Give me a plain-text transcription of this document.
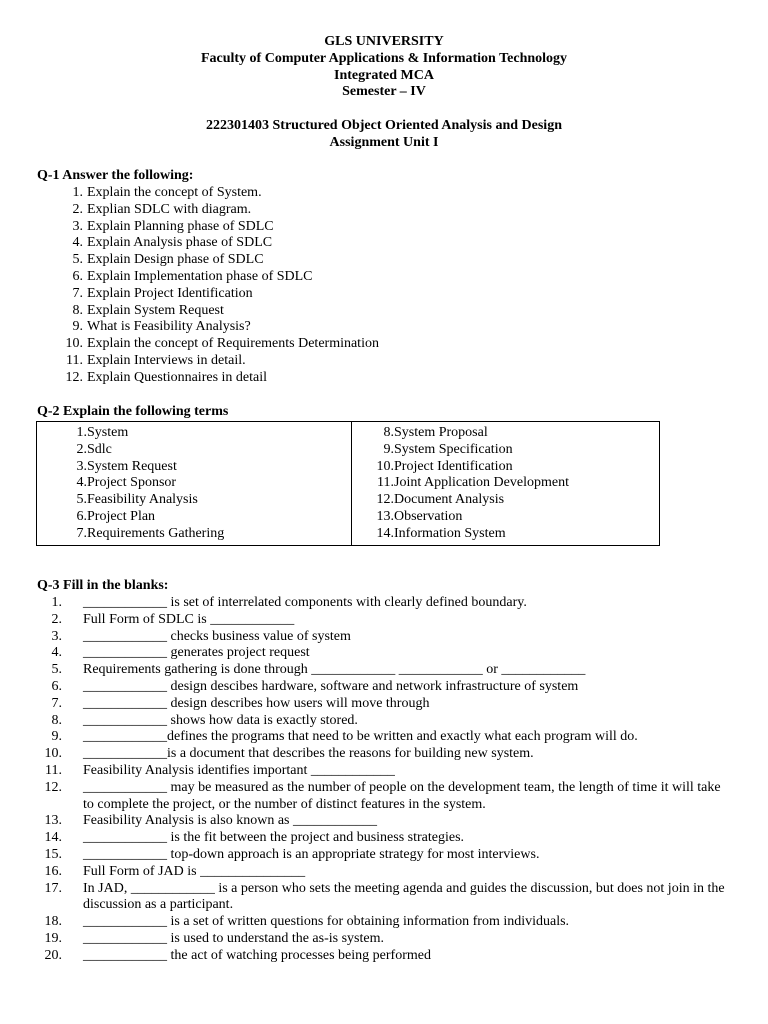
GLS UNIVERSITY
Faculty of Computer Applications & Information Technology
Integrated MCA
Semester – IV
222301403 Structured Object Oriented Analysis and Design
Assignment Unit I
Q-1 Answer the following:
1. Explain the concept of System.
2. Explian SDLC with diagram.
3. Explain Planning phase of SDLC
4. Explain Analysis phase of SDLC
5. Explain Design phase of SDLC
6. Explain Implementation phase of SDLC
7. Explain Project Identification
8. Explain System Request
9. What is Feasibility Analysis?
10. Explain the concept of Requirements Determination
11. Explain Interviews in detail.
12. Explain Questionnaires in detail
Q-2 Explain the following terms
1. System
2. Sdlc
3. System Request
4. Project Sponsor
5. Feasibility Analysis
6. Project Plan
7. Requirements Gathering
8. System Proposal
9. System Specification
10. Project Identification
11. Joint Application Development
12. Document Analysis
13. Observation
14. Information System
Q-3 Fill in the blanks:
1.	____________ is set of interrelated components with clearly defined boundary.
2.	Full Form of SDLC is ____________
3.	____________ checks business value of system
4.	____________ generates project request
5.	Requirements gathering is done through ____________ ____________ or ____________
6.	____________ design descibes hardware, software and network infrastructure of system
7.	____________ design describes how users will move through
8.	____________ shows how data is exactly stored.
9.	____________defines the programs that need to be written and exactly what each program will do.
10.	____________is a document that describes the reasons for building new system.
11.	Feasibility Analysis identifies important ____________
12.	____________ may be measured as the number of people on the development team, the length of time it will take to complete the project, or the number of distinct features in the system.
13.	Feasibility Analysis is also known as ____________
14.	____________ is the fit between the project and business strategies.
15.	____________ top-down approach is an appropriate strategy for most interviews.
16.	Full Form of JAD is _______________
17.	In JAD, ____________ is a person who sets the meeting agenda and guides the discussion, but does not join in the discussion as a participant.
18.	____________ is a set of written questions for obtaining information from individuals.
19.	____________ is used to understand the as-is system.
20.	____________ the act of watching processes being performed
